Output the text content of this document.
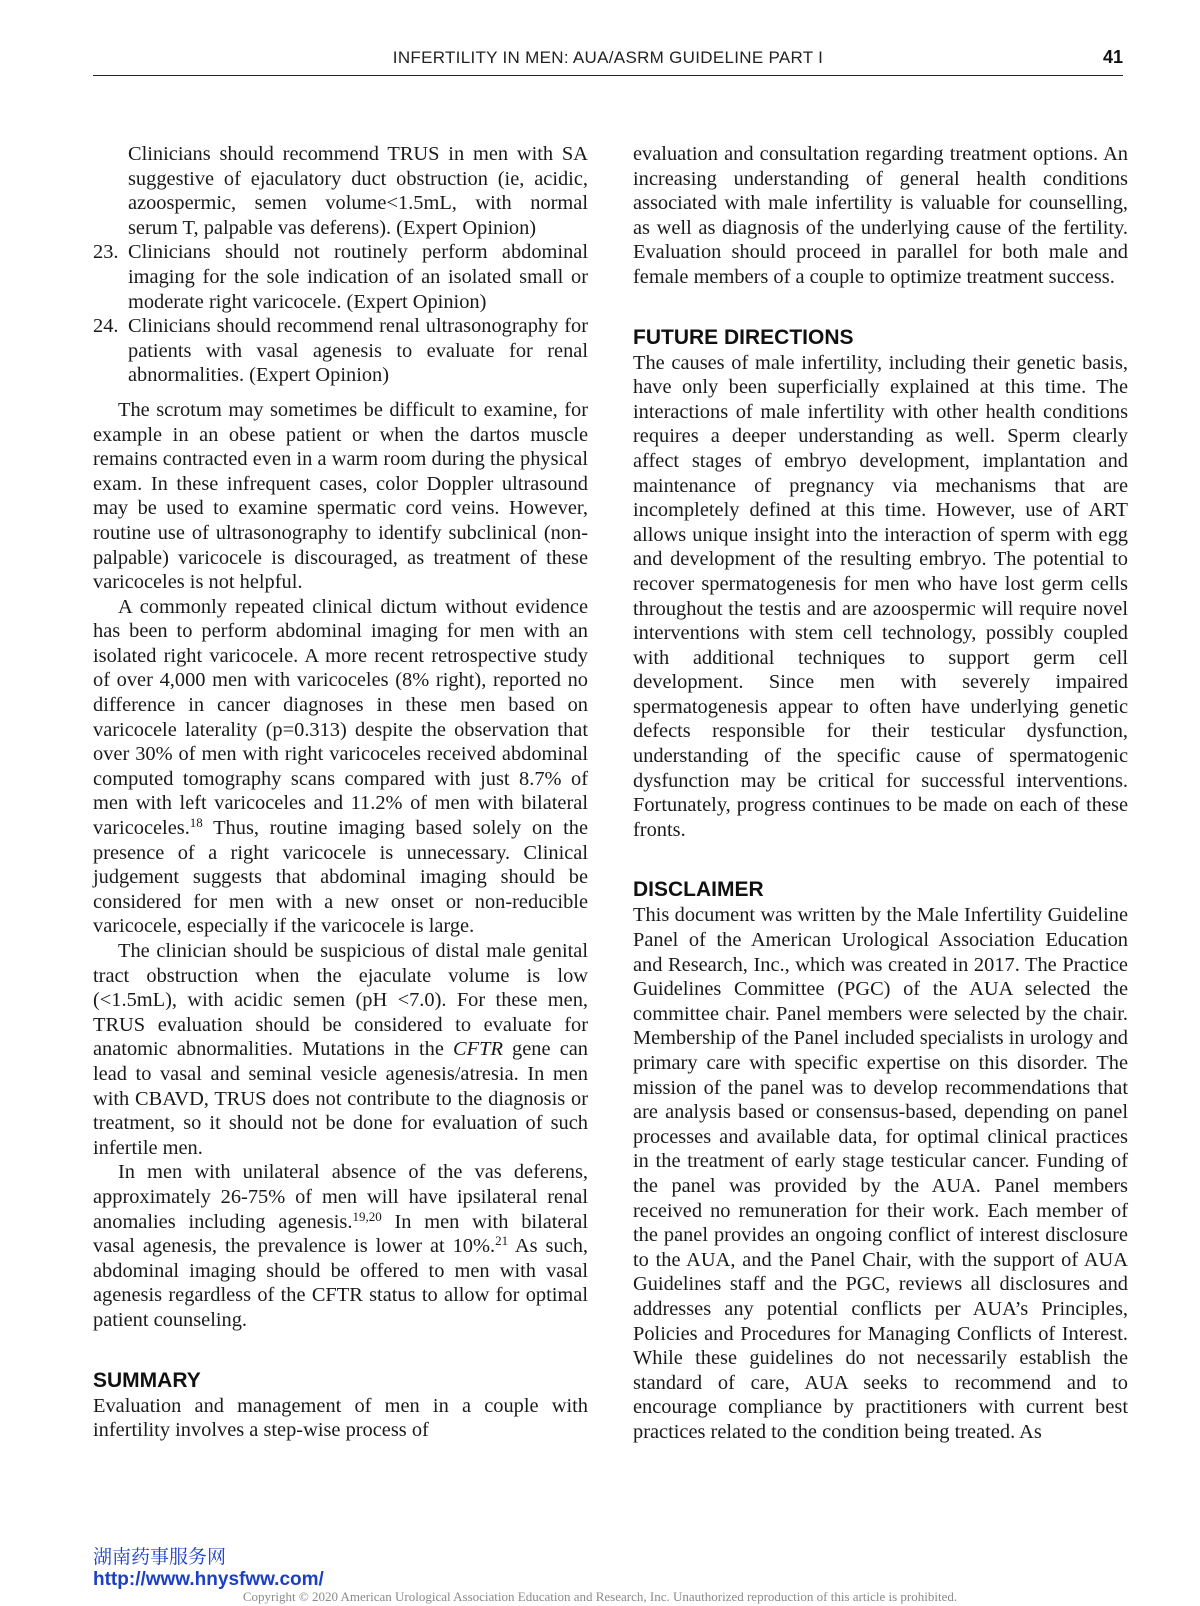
INFERTILITY IN MEN: AUA/ASRM GUIDELINE PART I	41
Clinicians should recommend TRUS in men with SA suggestive of ejaculatory duct obstruction (ie, acidic, azoospermic, semen volume<1.5mL, with normal serum T, palpable vas deferens). (Expert Opinion)
23. Clinicians should not routinely perform abdominal imaging for the sole indication of an isolated small or moderate right varicocele. (Expert Opinion)
24. Clinicians should recommend renal ultrasonography for patients with vasal agenesis to evaluate for renal abnormalities. (Expert Opinion)

The scrotum may sometimes be difficult to examine, for example in an obese patient or when the dartos muscle remains contracted even in a warm room during the physical exam. In these infrequent cases, color Doppler ultrasound may be used to examine spermatic cord veins. However, routine use of ultrasonography to identify subclinical (non-palpable) varicocele is discouraged, as treatment of these varicoceles is not helpful.

A commonly repeated clinical dictum without evidence has been to perform abdominal imaging for men with an isolated right varicocele. A more recent retrospective study of over 4,000 men with varicoceles (8% right), reported no difference in cancer diagnoses in these men based on varicocele laterality (p=0.313) despite the observation that over 30% of men with right varicoceles received abdominal computed tomography scans compared with just 8.7% of men with left varicoceles and 11.2% of men with bilateral varicoceles.$^{18}$ Thus, routine imaging based solely on the presence of a right varicocele is unnecessary. Clinical judgement suggests that abdominal imaging should be considered for men with a new onset or non-reducible varicocele, especially if the varicocele is large.

The clinician should be suspicious of distal male genital tract obstruction when the ejaculate volume is low (<1.5mL), with acidic semen (pH <7.0). For these men, TRUS evaluation should be considered to evaluate for anatomic abnormalities. Mutations in the CFTR gene can lead to vasal and seminal vesicle agenesis/atresia. In men with CBAVD, TRUS does not contribute to the diagnosis or treatment, so it should not be done for evaluation of such infertile men.

In men with unilateral absence of the vas deferens, approximately 26-75% of men will have ipsilateral renal anomalies including agenesis.$^{19,20}$ In men with bilateral vasal agenesis, the prevalence is lower at 10%.$^{21}$ As such, abdominal imaging should be offered to men with vasal agenesis regardless of the CFTR status to allow for optimal patient counseling.

SUMMARY

Evaluation and management of men in a couple with infertility involves a step-wise process of

evaluation and consultation regarding treatment options. An increasing understanding of general health conditions associated with male infertility is valuable for counselling, as well as diagnosis of the underlying cause of the fertility. Evaluation should proceed in parallel for both male and female members of a couple to optimize treatment success.

FUTURE DIRECTIONS

The causes of male infertility, including their genetic basis, have only been superficially explained at this time. The interactions of male infertility with other health conditions requires a deeper understanding as well. Sperm clearly affect stages of embryo development, implantation and maintenance of pregnancy via mechanisms that are incompletely defined at this time. However, use of ART allows unique insight into the interaction of sperm with egg and development of the resulting embryo. The potential to recover spermatogenesis for men who have lost germ cells throughout the testis and are azoospermic will require novel interventions with stem cell technology, possibly coupled with additional techniques to support germ cell development. Since men with severely impaired spermatogenesis appear to often have underlying genetic defects responsible for their testicular dysfunction, understanding of the specific cause of spermatogenic dysfunction may be critical for successful interventions. Fortunately, progress continues to be made on each of these fronts.

DISCLAIMER

This document was written by the Male Infertility Guideline Panel of the American Urological Association Education and Research, Inc., which was created in 2017. The Practice Guidelines Committee (PGC) of the AUA selected the committee chair. Panel members were selected by the chair. Membership of the Panel included specialists in urology and primary care with specific expertise on this disorder. The mission of the panel was to develop recommendations that are analysis based or consensus-based, depending on panel processes and available data, for optimal clinical practices in the treatment of early stage testicular cancer. Funding of the panel was provided by the AUA. Panel members received no remuneration for their work. Each member of the panel provides an ongoing conflict of interest disclosure to the AUA, and the Panel Chair, with the support of AUA Guidelines staff and the PGC, reviews all disclosures and addresses any potential conflicts per AUA’s Principles, Policies and Procedures for Managing Conflicts of Interest. While these guidelines do not necessarily establish the standard of care, AUA seeks to recommend and to encourage compliance by practitioners with current best practices related to the condition being treated. As

湖南药事服务网
http://www.hnysfww.com/
Copyright © 2020 American Urological Association Education and Research, Inc. Unauthorized reproduction of this article is prohibited.
